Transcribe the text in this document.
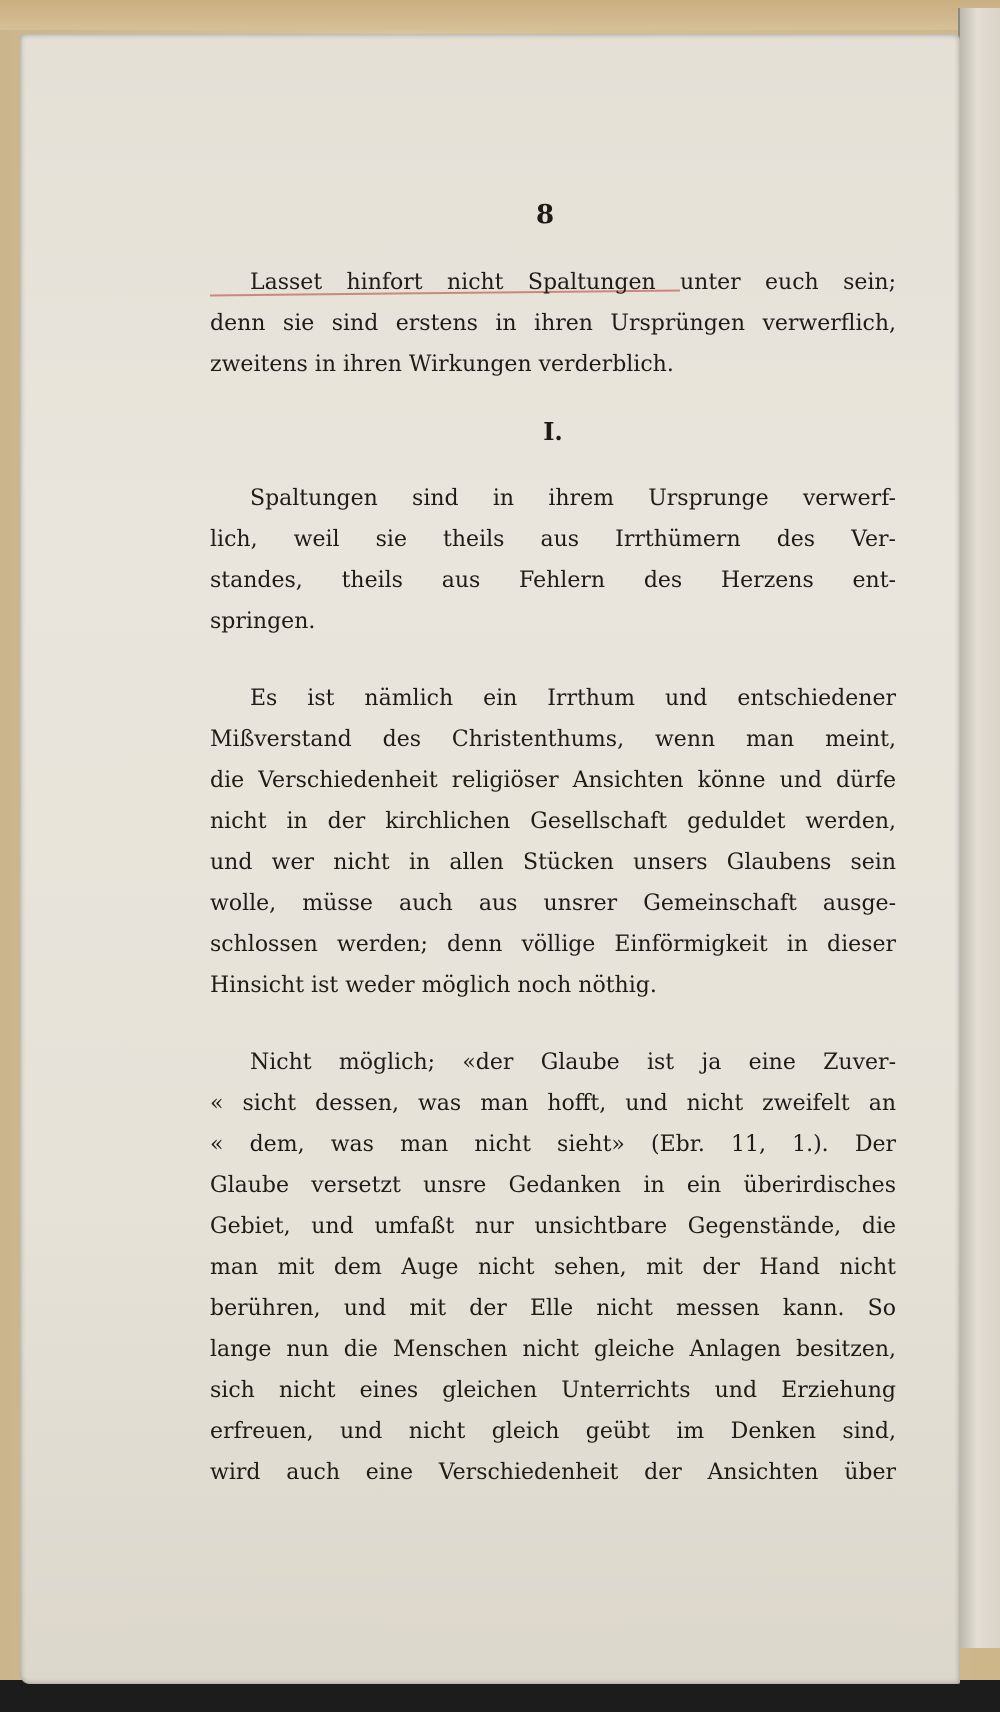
8
Lasset hinfort nicht Spaltungen unter euch sein;
denn sie sind erstens in ihren Ursprüngen verwerflich,
zweitens in ihren Wirkungen verderblich.
I.
Spaltungen sind in ihrem Ursprunge verwerf-
lich, weil sie theils aus Irrthümern des Ver-
standes, theils aus Fehlern des Herzens ent-
springen.
Es ist nämlich ein Irrthum und entschiedener
Mißverstand des Christenthums, wenn man meint,
die Verschiedenheit religiöser Ansichten könne und dürfe
nicht in der kirchlichen Gesellschaft geduldet werden,
und wer nicht in allen Stücken unsers Glaubens sein
wolle, müsse auch aus unsrer Gemeinschaft ausge-
schlossen werden; denn völlige Einförmigkeit in dieser
Hinsicht ist weder möglich noch nöthig.
Nicht möglich; «der Glaube ist ja eine Zuver-
« sicht dessen, was man hofft, und nicht zweifelt an
« dem, was man nicht sieht» (Ebr. 11, 1.). Der
Glaube versetzt unsre Gedanken in ein überirdisches
Gebiet, und umfaßt nur unsichtbare Gegenstände, die
man mit dem Auge nicht sehen, mit der Hand nicht
berühren, und mit der Elle nicht messen kann. So
lange nun die Menschen nicht gleiche Anlagen besitzen,
sich nicht eines gleichen Unterrichts und Erziehung
erfreuen, und nicht gleich geübt im Denken sind,
wird auch eine Verschiedenheit der Ansichten über
